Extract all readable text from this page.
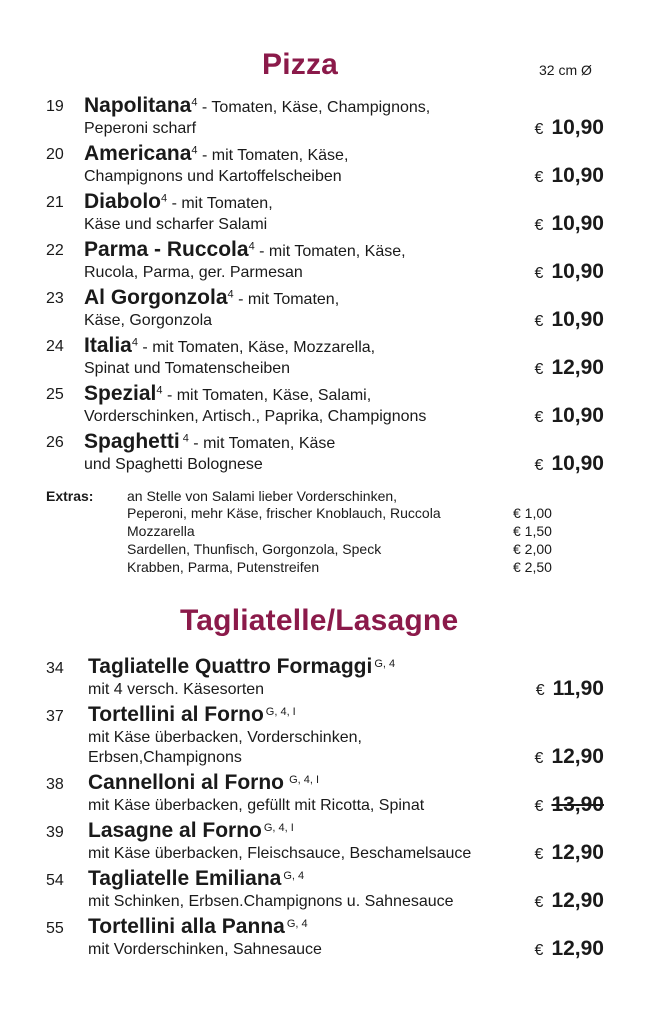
Pizza	32 cm Ø
19 Napolitana$^4$ - Tomaten, Käse, Champignons,
Peperoni scharf	€ 10,90
20 Americana$^4$ - mit Tomaten, Käse,
Champignons und Kartoffelscheiben	€ 10,90
21 Diabolo$^4$ - mit Tomaten,
Käse und scharfer Salami	€ 10,90
22 Parma - Ruccola$^4$ - mit Tomaten, Käse,
Rucola, Parma, ger. Parmesan	€ 10,90
23 Al Gorgonzola$^4$ - mit Tomaten,
Käse, Gorgonzola	€ 10,90
24 Italia$^4$ - mit Tomaten, Käse, Mozzarella,
Spinat und Tomatenscheiben	€ 12,90
25 Spezial$^4$ - mit Tomaten, Käse, Salami,
Vorderschinken, Artisch., Paprika, Champignons	€ 10,90
26 Spaghetti $^4$ - mit Tomaten, Käse
und Spaghetti Bolognese	€ 10,90
Extras: an Stelle von Salami lieber Vorderschinken,
Peperoni, mehr Käse, frischer Knoblauch, Ruccola	€ 1,00
Mozzarella	€ 1,50
Sardellen, Thunfisch, Gorgonzola, Speck	€ 2,00
Krabben, Parma, Putenstreifen	€ 2,50
Tagliatelle/Lasagne
34 Tagliatelle Quattro Formaggi $^{G, 4}$
mit 4 versch. Käsesorten	€ 11,90
37 Tortellini al Forno $^{G, 4, I}$
mit Käse überbacken, Vorderschinken,
Erbsen,Champignons	€ 12,90
38 Cannelloni al Forno $^{G, 4, I}$
mit Käse überbacken, gefüllt mit Ricotta, Spinat	€ 13,90
39 Lasagne al Forno $^{G, 4, I}$
mit Käse überbacken, Fleischsauce, Beschamelsauce	€ 12,90
54 Tagliatelle Emiliana $^{G, 4}$
mit Schinken, Erbsen.Champignons u. Sahnesauce	€ 12,90
55 Tortellini alla Panna $^{G, 4}$
mit Vorderschinken, Sahnesauce	€ 12,90
